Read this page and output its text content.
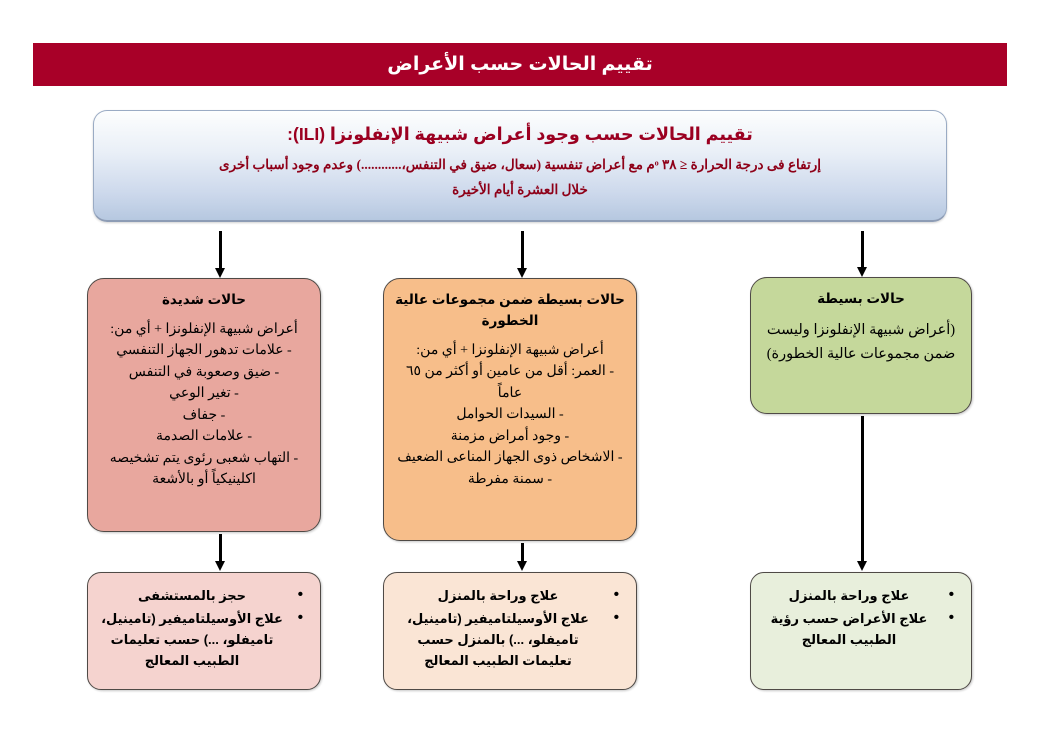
تقييم الحالات حسب الأعراض
تقييم الحالات حسب وجود أعراض شبيهة الإنفلونزا (ILI):
إرتفاع فى درجة الحرارة ≤ ٣٨ ᵒم مع أعراض تنفسية (سعال، ضيق في التنفس،............) وعدم وجود أسباب أخرى
خلال العشرة أيام الأخيرة
حالات شديدة
أعراض شبيهة الإنفلونزا + أي من:
- علامات تدهور الجهاز التنفسي
- ضيق وصعوبة في التنفس
- تغير الوعي
- جفاف
- علامات الصدمة
- التهاب شعبى رئوى يتم تشخيصه اكلينيكياً أو بالأشعة
حالات بسيطة ضمن مجموعات عالية الخطورة
أعراض شبيهة الإنفلونزا + أي من:
- العمر: أقل من عامين أو أكثر من ٦٥ عاماً
- السيدات الحوامل
- وجود أمراض مزمنة
- الاشخاص ذوى الجهاز المناعى الضعيف
- سمنة مفرطة
حالات بسيطة
(أعراض شبيهة الإنفلونزا وليست ضمن مجموعات عالية الخطورة)
• حجز بالمستشفى
• علاج الأوسيلتاميفير (تامينيل، تاميفلو، ...) حسب تعليمات الطبيب المعالج
• علاج وراحة بالمنزل
• علاج الأوسيلتاميفير (تامينيل، تاميفلو، ...) بالمنزل حسب تعليمات الطبيب المعالج
• علاج وراحة بالمنزل
• علاج الأعراض حسب رؤية الطبيب المعالج
